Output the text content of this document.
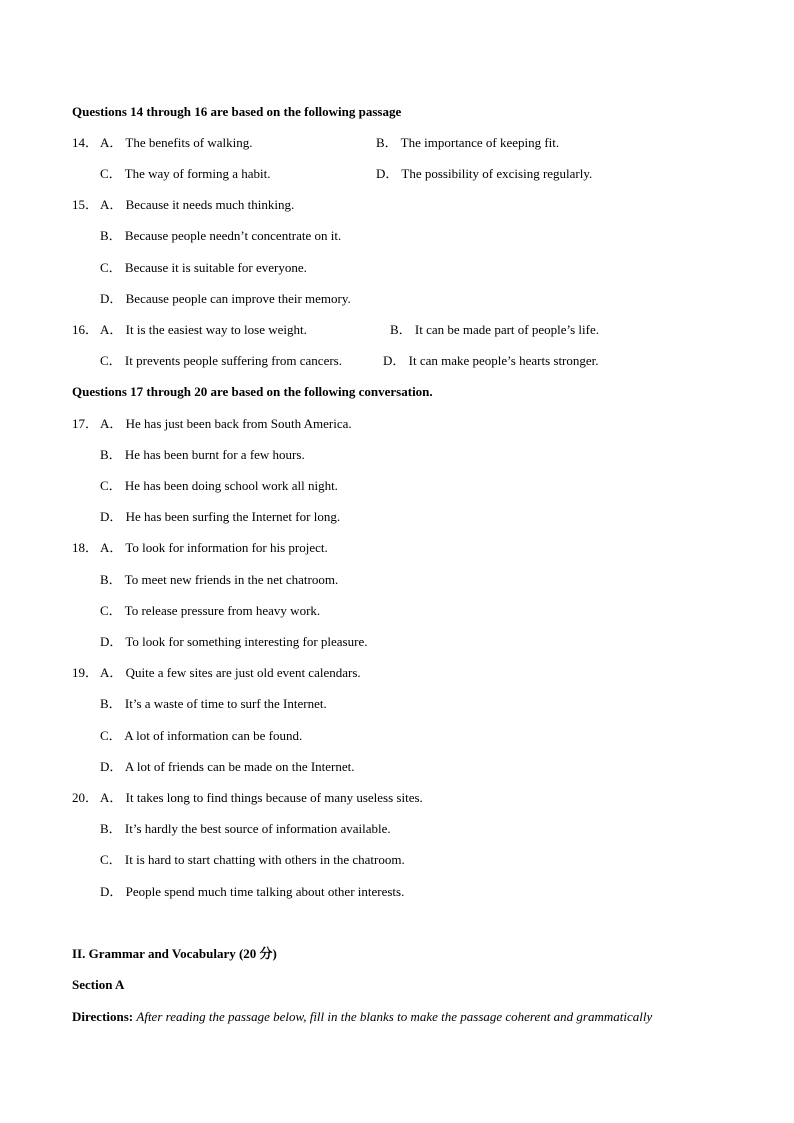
Questions 14 through 16 are based on the following passage
14． A． The benefits of walking.	B． The importance of keeping fit.
C． The way of forming a habit.	D． The possibility of excising regularly.
15． A． Because it needs much thinking.
B． Because people needn’t concentrate on it.
C． Because it is suitable for everyone.
D． Because people can improve their memory.
16． A． It is the easiest way to lose weight.	B． It can be made part of people’s life.
C． It prevents people suffering from cancers.	D． It can make people’s hearts stronger.
Questions 17 through 20 are based on the following conversation.
17． A． He has just been back from South America.
B． He has been burnt for a few hours.
C． He has been doing school work all night.
D． He has been surfing the Internet for long.
18． A． To look for information for his project.
B． To meet new friends in the net chatroom.
C． To release pressure from heavy work.
D． To look for something interesting for pleasure.
19． A． Quite a few sites are just old event calendars.
B． It’s a waste of time to surf the Internet.
C． A lot of information can be found.
D． A lot of friends can be made on the Internet.
20． A． It takes long to find things because of many useless sites.
B． It’s hardly the best source of information available.
C． It is hard to start chatting with others in the chatroom.
D． People spend much time talking about other interests.
II. Grammar and Vocabulary (20 分)
Section A
Directions: After reading the passage below, fill in the blanks to make the passage coherent and grammatically
